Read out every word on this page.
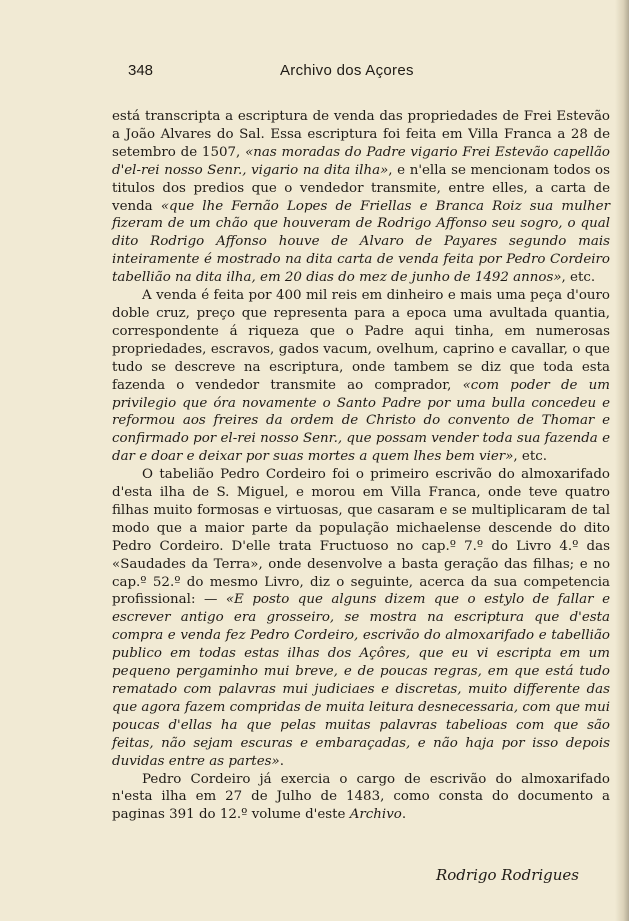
348	Archivo dos Açores

está transcripta a escriptura de venda das propriedades de Frei Estevão a João Alvares do Sal. Essa escriptura foi feita em Villa Franca a 28 de setembro de 1507, «nas moradas do Padre vigario Frei Estevão capellão d'el-rei nosso Senr., vigario na dita ilha», e n'ella se mencionam todos os titulos dos predios que o vendedor transmite, entre elles, a carta de venda «que lhe Fernão Lopes de Friellas e Branca Roiz sua mulher fizeram de um chão que houveram de Rodrigo Affonso seu sogro, o qual dito Rodrigo Affonso houve de Alvaro de Payares segundo mais inteiramente é mostrado na dita carta de venda feita por Pedro Cordeiro tabellião na dita ilha, em 20 dias do mez de junho de 1492 annos», etc.

A venda é feita por 400 mil reis em dinheiro e mais uma peça d'ouro doble cruz, preço que representa para a epoca uma avultada quantia, correspondente á riqueza que o Padre aqui tinha, em numerosas propriedades, escravos, gados vacum, ovelhum, caprino e cavallar, o que tudo se descreve na escriptura, onde tambem se diz que toda esta fazenda o vendedor transmite ao comprador, «com poder de um privilegio que óra novamente o Santo Padre por uma bulla concedeu e reformou aos freires da ordem de Christo do convento de Thomar e confirmado por el-rei nosso Senr., que possam vender toda sua fazenda e dar e doar e deixar por suas mortes a quem lhes bem vier», etc.

O tabelião Pedro Cordeiro foi o primeiro escrivão do almoxarifado d'esta ilha de S. Miguel, e morou em Villa Franca, onde teve quatro filhas muito formosas e virtuosas, que casaram e se multiplicaram de tal modo que a maior parte da população michaelense descende do dito Pedro Cordeiro. D'elle trata Fructuoso no cap.º 7.º do Livro 4.º das «Saudades da Terra», onde desenvolve a basta geração das filhas; e no cap.º 52.º do mesmo Livro, diz o seguinte, acerca da sua competencia profissional: — «E posto que alguns dizem que o estylo de fallar e escrever antigo era grosseiro, se mostra na escriptura que d'esta compra e venda fez Pedro Cordeiro, escrivão do almoxarifado e tabellião publico em todas estas ilhas dos Açôres, que eu vi escripta em um pequeno pergaminho mui breve, e de poucas regras, em que está tudo rematado com palavras mui judiciaes e discretas, muito differente das que agora fazem compridas de muita leitura desnecessaria, com que mui poucas d'ellas ha que pelas muitas palavras tabelioas com que são feitas, não sejam escuras e embaraçadas, e não haja por isso depois duvidas entre as partes».

Pedro Cordeiro já exercia o cargo de escrivão do almoxarifado n'esta ilha em 27 de Julho de 1483, como consta do documento a paginas 391 do 12.º volume d'este Archivo.

Rodrigo Rodrigues
